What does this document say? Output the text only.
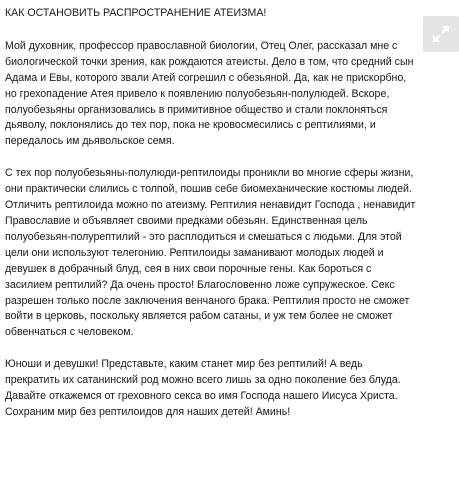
КАК ОСТАНОВИТЬ РАСПРОСТРАНЕНИЕ АТЕИЗМА!

Мой духовник, профессор православной биологии, Отец Олег, рассказал мне с биологической точки зрения, как рождаются атеисты. Дело в том, что средний сын Адама и Евы, которого звали Атей согрешил с обезьяной. Да, как не прискорбно, но грехопадение Атея привело к появлению полуобезьян-полулюдей. Вскоре, полуобезьяны организовались в примитивное общество и стали поклоняться дьяволу, поклонялись до тех пор, пока не кровосмесились с рептилиями, и передалось им дьявольское семя.

С тех пор полуобезьяны-полулюди-рептилоиды проникли во многие сферы жизни, они практически слились с толпой, пошив себе биомеханические костюмы людей. Отличить рептилоида можно по атеизму. Рептилия ненавидит Господа , ненавидит Православие и объявляет своими предками обезьян. Единственная цель полуобезьян-полурептилий - это расплодиться и смешаться с людьми. Для этой цели они используют телегонию. Рептилоиды заманивают молодых людей и девушек в добрачный блуд, сея в них свои порочные гены. Как бороться с засилием рептилий? Да очень просто! Благословенно ложе супружеское. Секс разрешен только после заключения венчаного брака. Рептилия просто не сможет войти в церковь, поскольку является рабом сатаны, и уж тем более не сможет обвенчаться с человеком.

Юноши и девушки! Представьте, каким станет мир без рептилий! А ведь прекратить их сатанинский род можно всего лишь за одно поколение без блуда. Давайте откажемся от греховного секса во имя Господа нашего Иисуса Христа. Сохраним мир без рептилоидов для наших детей! Аминь!
